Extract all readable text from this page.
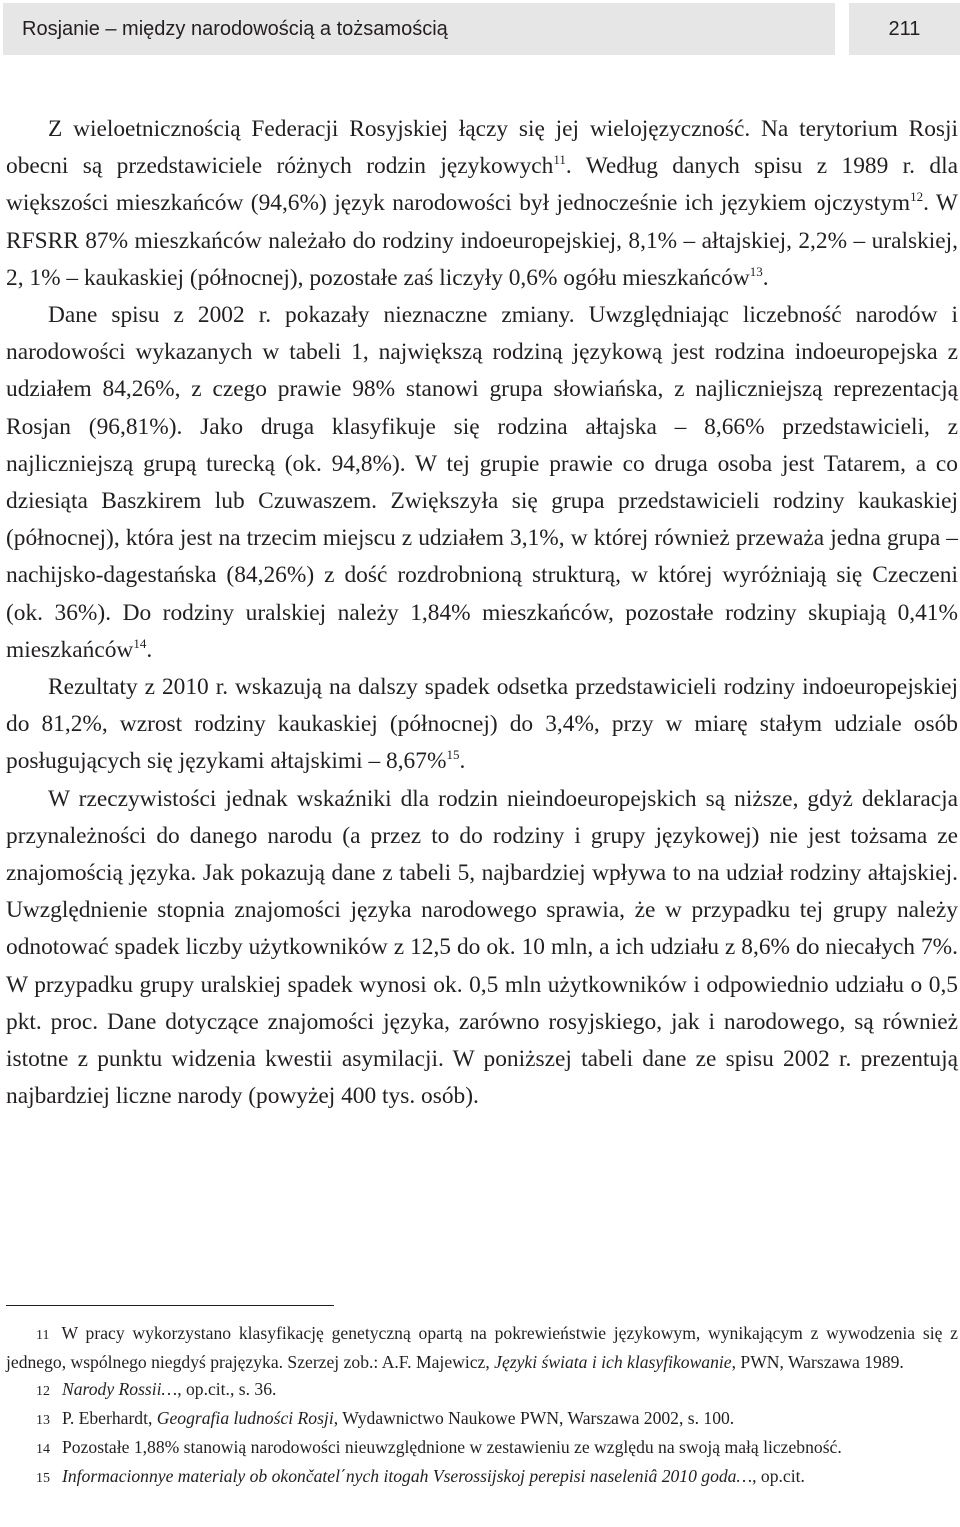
Rosjanie – między narodowością a tożsamością	211

Z wieloetnicznością Federacji Rosyjskiej łączy się jej wielojęzyczność. Na terytorium Rosji obecni są przedstawiciele różnych rodzin językowych$^{11}$. Według danych spisu z 1989 r. dla większości mieszkańców (94,6%) język narodowości był jednocześnie ich językiem ojczystym$^{12}$. W RFSRR 87% mieszkańców należało do rodziny indoeuropejskiej, 8,1% – ałtajskiej, 2,2% – uralskiej, 2, 1% – kaukaskiej (północnej), pozostałe zaś liczyły 0,6% ogółu mieszkańców$^{13}$.

Dane spisu z 2002 r. pokazały nieznaczne zmiany. Uwzględniając liczebność narodów i narodowości wykazanych w tabeli 1, największą rodziną językową jest rodzina indoeuropejska z udziałem 84,26%, z czego prawie 98% stanowi grupa słowiańska, z najliczniejszą reprezentacją Rosjan (96,81%). Jako druga klasyfikuje się rodzina ałtajska – 8,66% przedstawicieli, z najliczniejszą grupą turecką (ok. 94,8%). W tej grupie prawie co druga osoba jest Tatarem, a co dziesiąta Baszkirem lub Czuwaszem. Zwiększyła się grupa przedstawicieli rodziny kaukaskiej (północnej), która jest na trzecim miejscu z udziałem 3,1%, w której również przeważa jedna grupa – nachijsko-dagestańska (84,26%) z dość rozdrobnioną strukturą, w której wyróżniają się Czeczeni (ok. 36%). Do rodziny uralskiej należy 1,84% mieszkańców, pozostałe rodziny skupiają 0,41% mieszkańców$^{14}$.

Rezultaty z 2010 r. wskazują na dalszy spadek odsetka przedstawicieli rodziny indoeuropejskiej do 81,2%, wzrost rodziny kaukaskiej (północnej) do 3,4%, przy w miarę stałym udziale osób posługujących się językami ałtajskimi – 8,67%$^{15}$.

W rzeczywistości jednak wskaźniki dla rodzin nieindoeuropejskich są niższe, gdyż deklaracja przynależności do danego narodu (a przez to do rodziny i grupy językowej) nie jest tożsama ze znajomością języka. Jak pokazują dane z tabeli 5, najbardziej wpływa to na udział rodziny ałtajskiej. Uwzględnienie stopnia znajomości języka narodowego sprawia, że w przypadku tej grupy należy odnotować spadek liczby użytkowników z 12,5 do ok. 10 mln, a ich udziału z 8,6% do niecałych 7%. W przypadku grupy uralskiej spadek wynosi ok. 0,5 mln użytkowników i odpowiednio udziału o 0,5 pkt. proc. Dane dotyczące znajomości języka, zarówno rosyjskiego, jak i narodowego, są również istotne z punktu widzenia kwestii asymilacji. W poniższej tabeli dane ze spisu 2002 r. prezentują najbardziej liczne narody (powyżej 400 tys. osób).

11 W pracy wykorzystano klasyfikację genetyczną opartą na pokrewieństwie językowym, wynikającym z wywodzenia się z jednego, wspólnego niegdyś prajęzyka. Szerzej zob.: A.F. Majewicz, Języki świata i ich klasyfikowanie, PWN, Warszawa 1989.

12 Narody Rossii…, op.cit., s. 36.

13 P. Eberhardt, Geografia ludności Rosji, Wydawnictwo Naukowe PWN, Warszawa 2002, s. 100.

14 Pozostałe 1,88% stanowią narodowości nieuwzględnione w zestawieniu ze względu na swoją małą liczebność.

15 Informacionnye materialy ob okončatel΄nych itogah Vserossijskoj perepisi naseleniâ 2010 goda…, op.cit.
